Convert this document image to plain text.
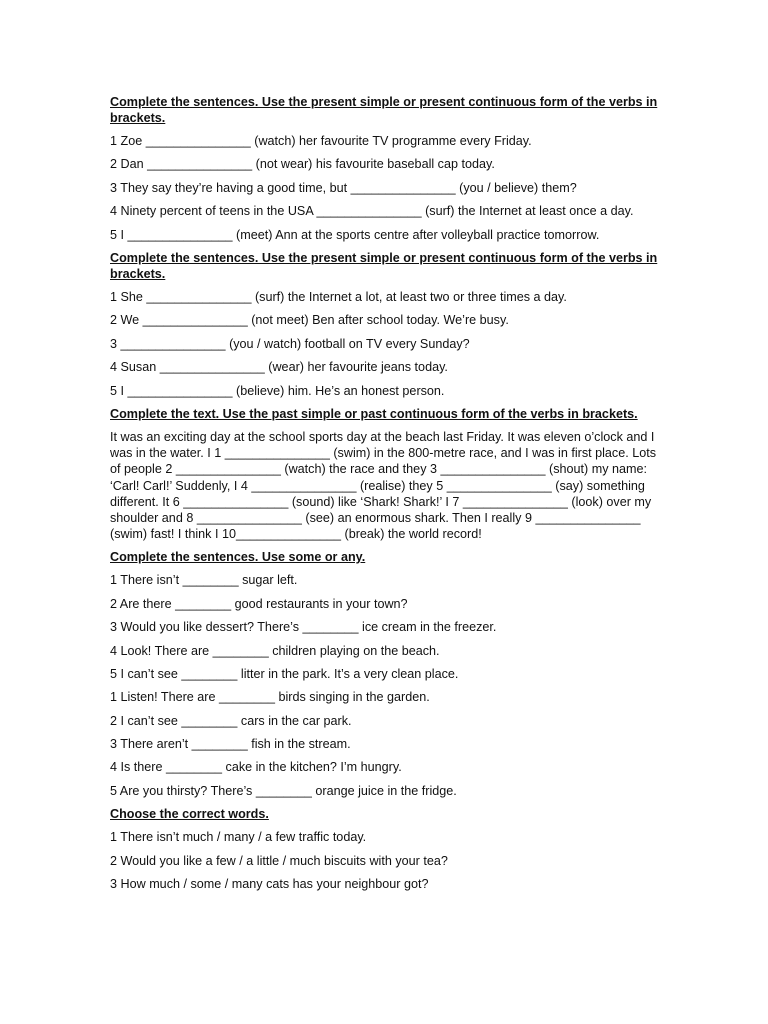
Complete the sentences. Use the present simple or present continuous form of the verbs in brackets.
1 Zoe _______________ (watch) her favourite TV programme every Friday.
2 Dan _______________ (not wear) his favourite baseball cap today.
3 They say they’re having a good time, but _______________ (you / believe) them?
4 Ninety percent of teens in the USA _______________ (surf) the Internet at least once a day.
5 I _______________ (meet) Ann at the sports centre after volleyball practice tomorrow.
Complete the sentences. Use the present simple or present continuous form of the verbs in brackets.
1 She _______________ (surf) the Internet a lot, at least two or three times a day.
2 We _______________ (not meet) Ben after school today. We’re busy.
3 _______________ (you / watch) football on TV every Sunday?
4 Susan _______________ (wear) her favourite jeans today.
5 I _______________ (believe) him. He’s an honest person.
Complete the text. Use the past simple or past continuous form of the verbs in brackets.
It was an exciting day at the school sports day at the beach last Friday. It was eleven o’clock and I was in the water. I 1 _______________ (swim) in the 800-metre race, and I was in first place. Lots of people 2 _______________ (watch) the race and they 3 _______________ (shout) my name: ‘Carl! Carl!’ Suddenly, I 4 _______________ (realise) they 5 _______________ (say) something different. It 6 _______________ (sound) like ‘Shark! Shark!’ I 7 _______________ (look) over my shoulder and 8 _______________ (see) an enormous shark. Then I really 9 _______________ (swim) fast! I think I 10_______________ (break) the world record!
Complete the sentences. Use some or any.
1 There isn’t ________ sugar left.
2 Are there ________ good restaurants in your town?
3 Would you like dessert? There’s ________ ice cream in the freezer.
4 Look! There are ________ children playing on the beach.
5 I can’t see ________ litter in the park. It’s a very clean place.
1 Listen! There are ________ birds singing in the garden.
2 I can’t see ________ cars in the car park.
3 There aren’t ________ fish in the stream.
4 Is there ________ cake in the kitchen? I’m hungry.
5 Are you thirsty? There’s ________ orange juice in the fridge.
Choose the correct words.
1 There isn’t much / many / a few traffic today.
2 Would you like a few / a little / much biscuits with your tea?
3 How much / some / many cats has your neighbour got?
